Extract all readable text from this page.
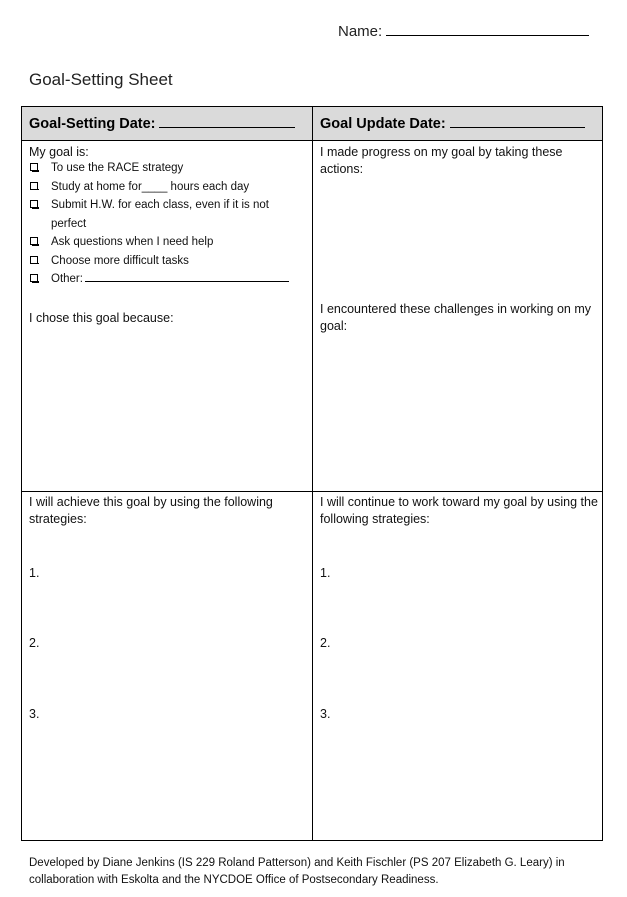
Name:
Goal-Setting Sheet
Goal-Setting Date:	Goal Update Date:
My goal is:
To use the RACE strategy
Study at home for____ hours each day
Submit H.W. for each class, even if it is not perfect
Ask questions when I need help
Choose more difficult tasks
Other:
I chose this goal because:
I made progress on my goal by taking these actions:
I encountered these challenges in working on my goal:
I will achieve this goal by using the following strategies:
1.
2.
3.
I will continue to work toward my goal by using the following strategies:
1.
2.
3.
Developed by Diane Jenkins (IS 229 Roland Patterson) and Keith Fischler (PS 207 Elizabeth G. Leary) in collaboration with Eskolta and the NYCDOE Office of Postsecondary Readiness.
